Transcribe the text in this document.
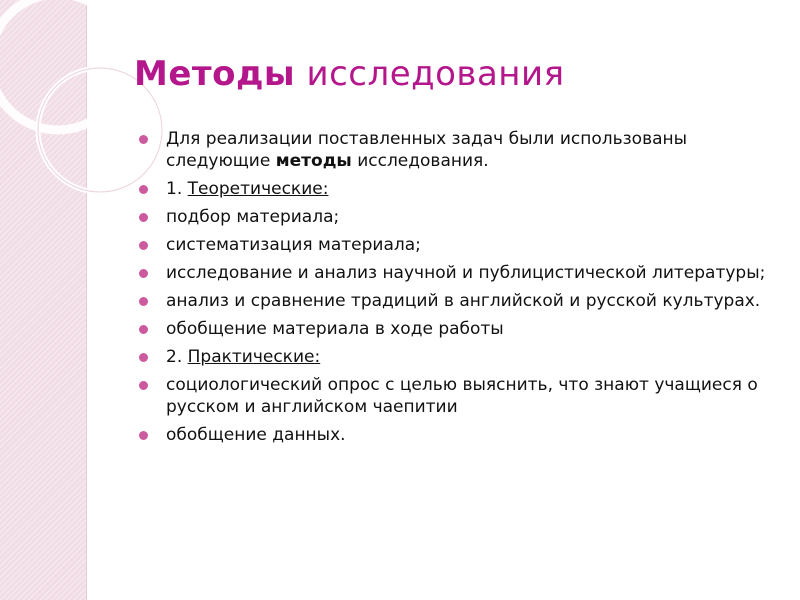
Методы исследования
Для реализации поставленных задач были использованы следующие методы исследования.
1. Теоретические:
подбор материала;
систематизация материала;
исследование и анализ научной и публицистической литературы;
анализ и сравнение традиций в английской и русской культурах.
обобщение материала в ходе работы
2. Практические:
социологический опрос с целью выяснить, что знают учащиеся о русском и английском чаепитии
обобщение данных.
